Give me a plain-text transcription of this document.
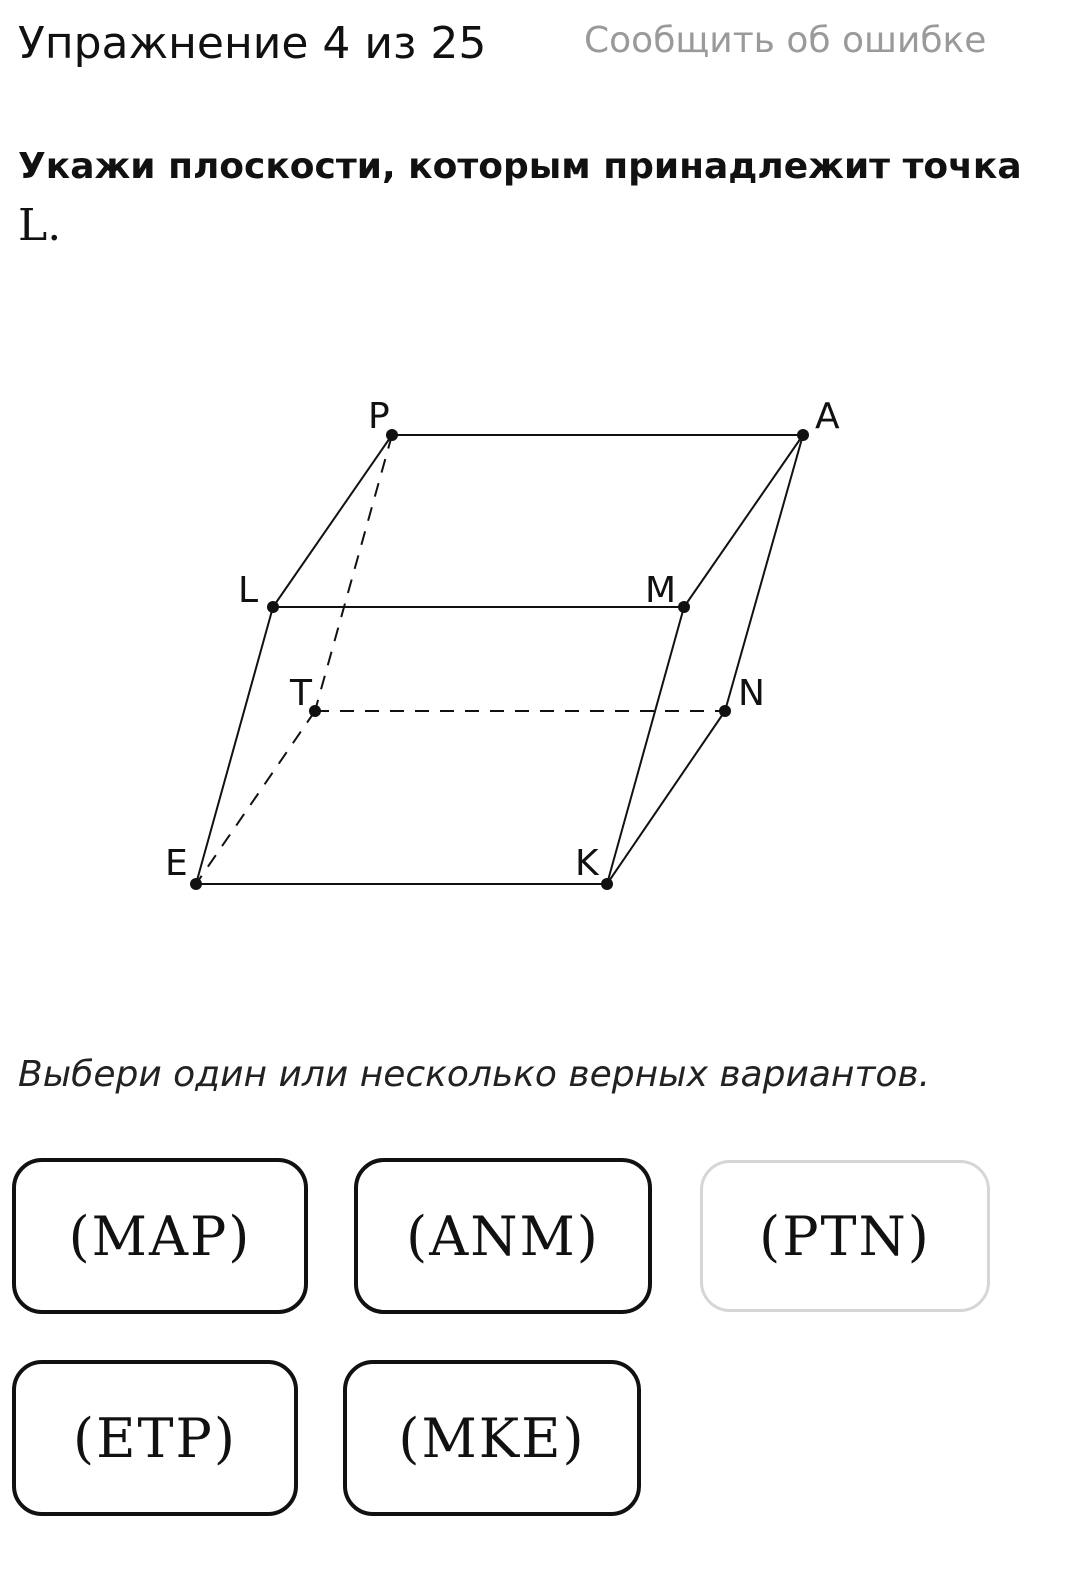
Упражнение 4 из 25	Сообщить об ошибке
Укажи плоскости, которым принадлежит точка
L.
P	A
L	M
T	N
E	K
Выбери один или несколько верных вариантов.
(MAP)	(ANM)	(PTN)
(ETP)	(MKE)
